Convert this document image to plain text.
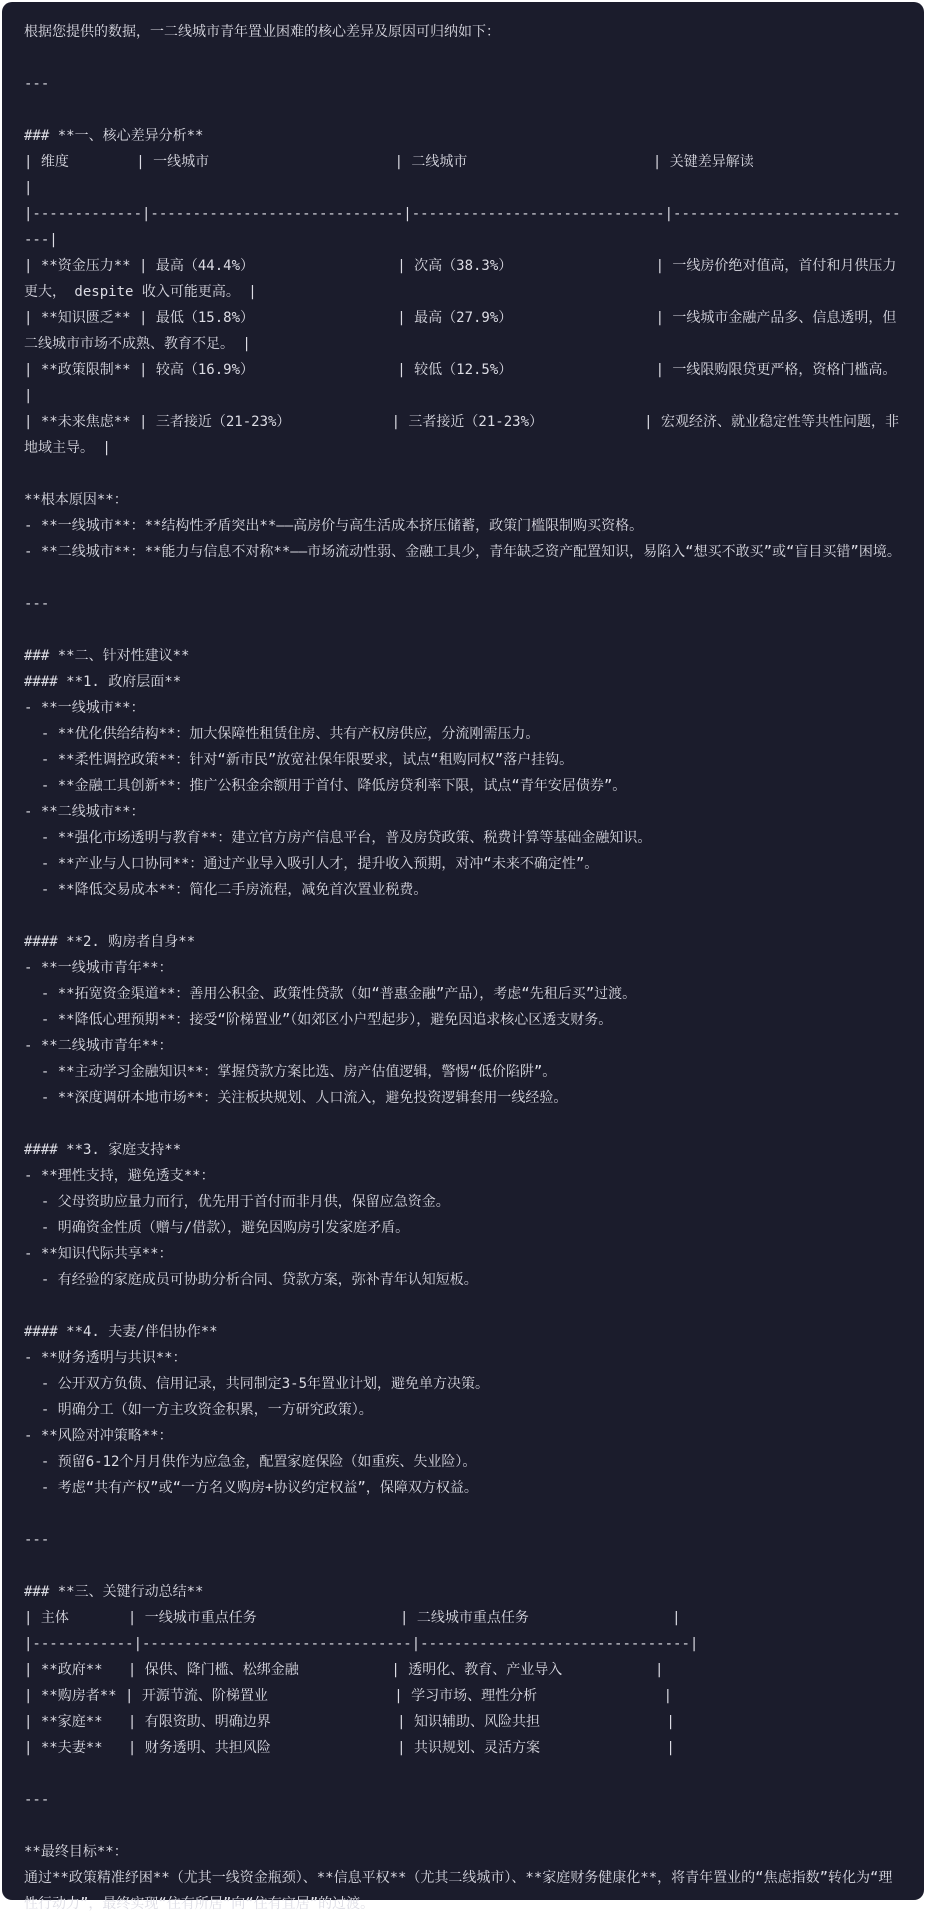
根据您提供的数据，一二线城市青年置业困难的核心差异及原因可归纳如下：
---
### **一、核心差异分析**
| 维度        | 一线城市                      | 二线城市                      | 关键差异解读                  |
|-------------|------------------------------|------------------------------|------------------------------|
| **资金压力** | 最高（44.4%）                 | 次高（38.3%）                 | 一线房价绝对值高，首付和月供压力更大， despite 收入可能更高。 |
| **知识匮乏** | 最低（15.8%）                 | 最高（27.9%）                 | 一线城市金融产品多、信息透明，但二线城市市场不成熟、教育不足。 |
| **政策限制** | 较高（16.9%）                 | 较低（12.5%）                 | 一线限购限贷更严格，资格门槛高。 |
| **未来焦虑** | 三者接近（21-23%）            | 三者接近（21-23%）            | 宏观经济、就业稳定性等共性问题，非地域主导。 |
**根本原因**：
- **一线城市**：**结构性矛盾突出**——高房价与高生活成本挤压储蓄，政策门槛限制购买资格。
- **二线城市**：**能力与信息不对称**——市场流动性弱、金融工具少，青年缺乏资产配置知识，易陷入“想买不敢买”或“盲目买错”困境。
---
### **二、针对性建议**
#### **1. 政府层面**
- **一线城市**：
- **优化供给结构**：加大保障性租赁住房、共有产权房供应，分流刚需压力。
- **柔性调控政策**：针对“新市民”放宽社保年限要求，试点“租购同权”落户挂钩。
- **金融工具创新**：推广公积金余额用于首付、降低房贷利率下限，试点“青年安居债券”。
- **二线城市**：
- **强化市场透明与教育**：建立官方房产信息平台，普及房贷政策、税费计算等基础金融知识。
- **产业与人口协同**：通过产业导入吸引人才，提升收入预期，对冲“未来不确定性”。
- **降低交易成本**：简化二手房流程，减免首次置业税费。
#### **2. 购房者自身**
- **一线城市青年**：
- **拓宽资金渠道**：善用公积金、政策性贷款（如“普惠金融”产品），考虑“先租后买”过渡。
- **降低心理预期**：接受“阶梯置业”（如郊区小户型起步），避免因追求核心区透支财务。
- **二线城市青年**：
- **主动学习金融知识**：掌握贷款方案比选、房产估值逻辑，警惕“低价陷阱”。
- **深度调研本地市场**：关注板块规划、人口流入，避免投资逻辑套用一线经验。
#### **3. 家庭支持**
- **理性支持，避免透支**：
- 父母资助应量力而行，优先用于首付而非月供，保留应急资金。
- 明确资金性质（赠与/借款），避免因购房引发家庭矛盾。
- **知识代际共享**：
- 有经验的家庭成员可协助分析合同、贷款方案，弥补青年认知短板。
#### **4. 夫妻/伴侣协作**
- **财务透明与共识**：
- 公开双方负债、信用记录，共同制定3-5年置业计划，避免单方决策。
- 明确分工（如一方主攻资金积累，一方研究政策）。
- **风险对冲策略**：
- 预留6-12个月月供作为应急金，配置家庭保险（如重疾、失业险）。
- 考虑“共有产权”或“一方名义购房+协议约定权益”，保障双方权益。
---
### **三、关键行动总结**
| 主体       | 一线城市重点任务                 | 二线城市重点任务                 |
|------------|--------------------------------|--------------------------------|
| **政府**   | 保供、降门槛、松绑金融           | 透明化、教育、产业导入           |
| **购房者** | 开源节流、阶梯置业               | 学习市场、理性分析               |
| **家庭**   | 有限资助、明确边界               | 知识辅助、风险共担               |
| **夫妻**   | 财务透明、共担风险               | 共识规划、灵活方案               |
---
**最终目标**：
通过**政策精准纾困**（尤其一线资金瓶颈）、**信息平权**（尤其二线城市）、**家庭财务健康化**，将青年置业的“焦虑指数”转化为“理性行动力”，最终实现“住有所居”向“住有宜居”的过渡。
